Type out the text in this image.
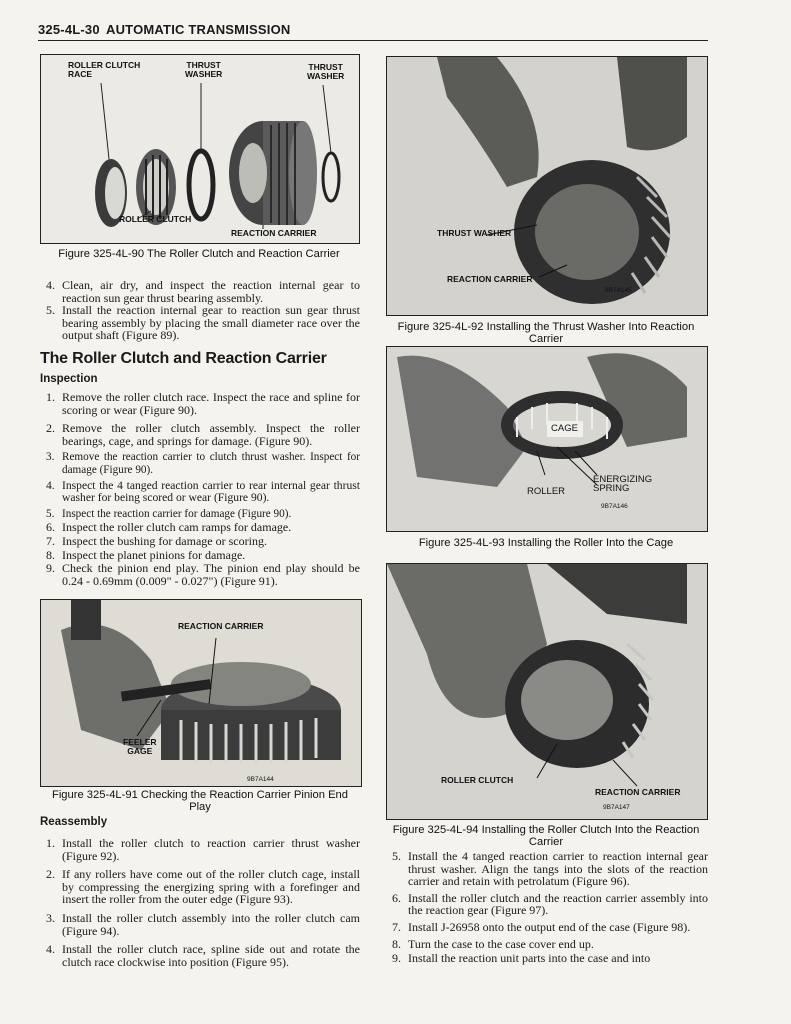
325-4L-30 AUTOMATIC TRANSMISSION
ROLLER CLUTCH
RACE
THRUST
WASHER
THRUST
WASHER
ROLLER CLUTCH
REACTION CARRIER
Figure 325-4L-90 The Roller Clutch and Reaction Carrier
4. Clean, air dry, and inspect the reaction internal gear to reaction sun gear thrust bearing assembly.
5. Install the reaction internal gear to reaction sun gear thrust bearing assembly by placing the small diameter race over the output shaft (Figure 89).
The Roller Clutch and Reaction Carrier
Inspection
1. Remove the roller clutch race. Inspect the race and spline for scoring or wear (Figure 90).
2. Remove the roller clutch assembly. Inspect the roller bearings, cage, and springs for damage. (Figure 90).
3. Remove the reaction carrier to clutch thrust washer. Inspect for damage (Figure 90).
4. Inspect the 4 tanged reaction carrier to rear internal gear thrust washer for being scored or wear (Figure 90).
5. Inspect the reaction carrier for damage (Figure 90).
6. Inspect the roller clutch cam ramps for damage.
7. Inspect the bushing for damage or scoring.
8. Inspect the planet pinions for damage.
9. Check the pinion end play. The pinion end play should be 0.24 - 0.69mm (0.009" - 0.027") (Figure 91).
REACTION CARRIER
FEELER
GAGE
9B7A144
Figure 325-4L-91 Checking the Reaction Carrier Pinion End Play
Reassembly
1. Install the roller clutch to reaction carrier thrust washer (Figure 92).
2. If any rollers have come out of the roller clutch cage, install by compressing the energizing spring with a forefinger and insert the roller from the outer edge (Figure 93).
3. Install the roller clutch assembly into the roller clutch cam (Figure 94).
4. Install the roller clutch race, spline side out and rotate the clutch race clockwise into position (Figure 95).
THRUST WASHER
REACTION CARRIER
9B7A145
Figure 325-4L-92 Installing the Thrust Washer Into Reaction Carrier
CAGE
ROLLER
ENERGIZING
SPRING
9B7A146
Figure 325-4L-93 Installing the Roller Into the Cage
ROLLER CLUTCH
REACTION CARRIER
9B7A147
Figure 325-4L-94 Installing the Roller Clutch Into the Reaction Carrier
5. Install the 4 tanged reaction carrier to reaction internal gear thrust washer. Align the tangs into the slots of the reaction carrier and retain with petrolatum (Figure 96).
6. Install the roller clutch and the reaction carrier assembly into the reaction gear (Figure 97).
7. Install J-26958 onto the output end of the case (Figure 98).
8. Turn the case to the case cover end up.
9. Install the reaction unit parts into the case and into
